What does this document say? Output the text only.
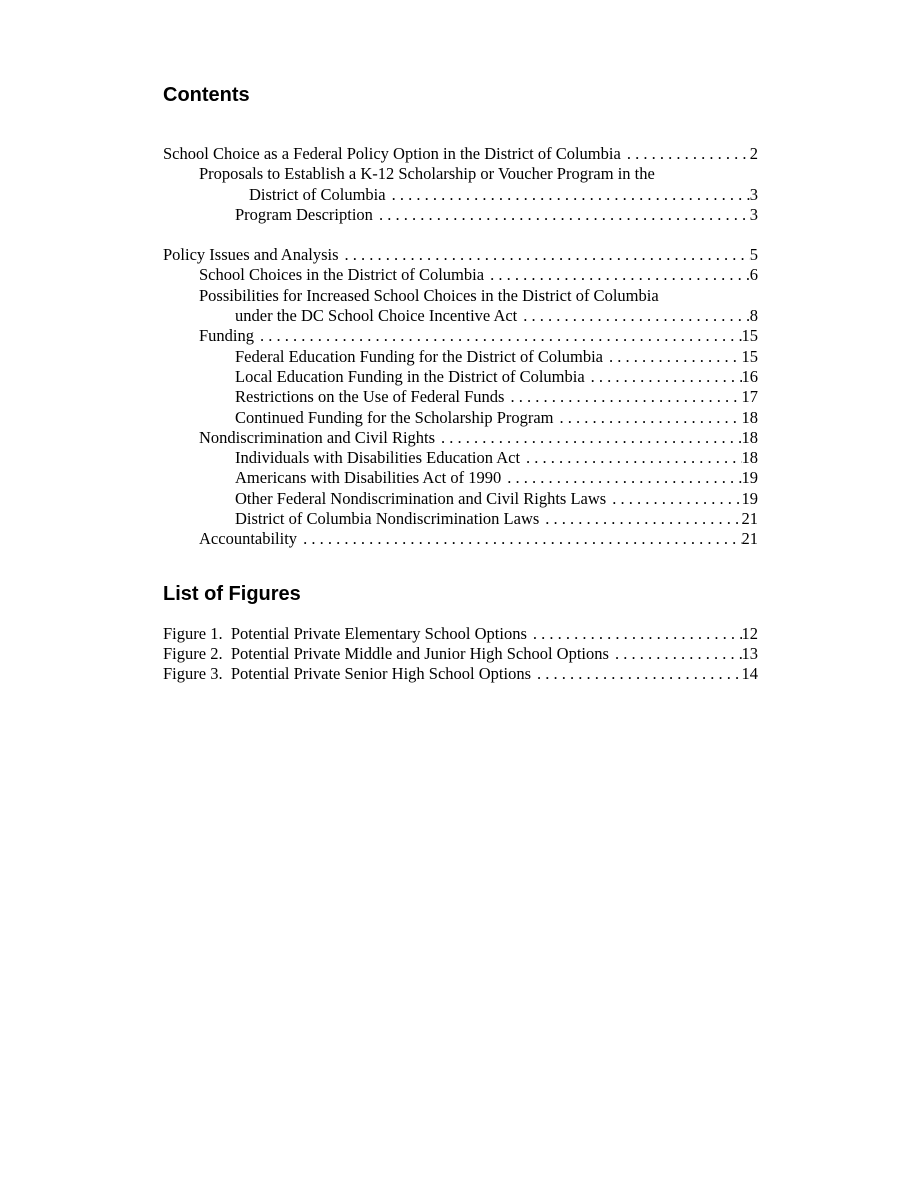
Contents
School Choice as a Federal Policy Option in the District of Columbia . . .	2
Proposals to Establish a K-12 Scholarship or Voucher Program in the
District of Columbia . . .	3
Program Description . . .	3
Policy Issues and Analysis . . .	5
School Choices in the District of Columbia . . .	6
Possibilities for Increased School Choices in the District of Columbia
under the DC School Choice Incentive Act . . .	8
Funding . . .	15
Federal Education Funding for the District of Columbia . . .	15
Local Education Funding in the District of Columbia . . .	16
Restrictions on the Use of Federal Funds . . .	17
Continued Funding for the Scholarship Program . . .	18
Nondiscrimination and Civil Rights . . .	18
Individuals with Disabilities Education Act . . .	18
Americans with Disabilities Act of 1990 . . .	19
Other Federal Nondiscrimination and Civil Rights Laws . . .	19
District of Columbia Nondiscrimination Laws . . .	21
Accountability . . .	21
List of Figures
Figure 1.  Potential Private Elementary School Options . . .	12
Figure 2.  Potential Private Middle and Junior High School Options . . .	13
Figure 3.  Potential Private Senior High School Options . . .	14
